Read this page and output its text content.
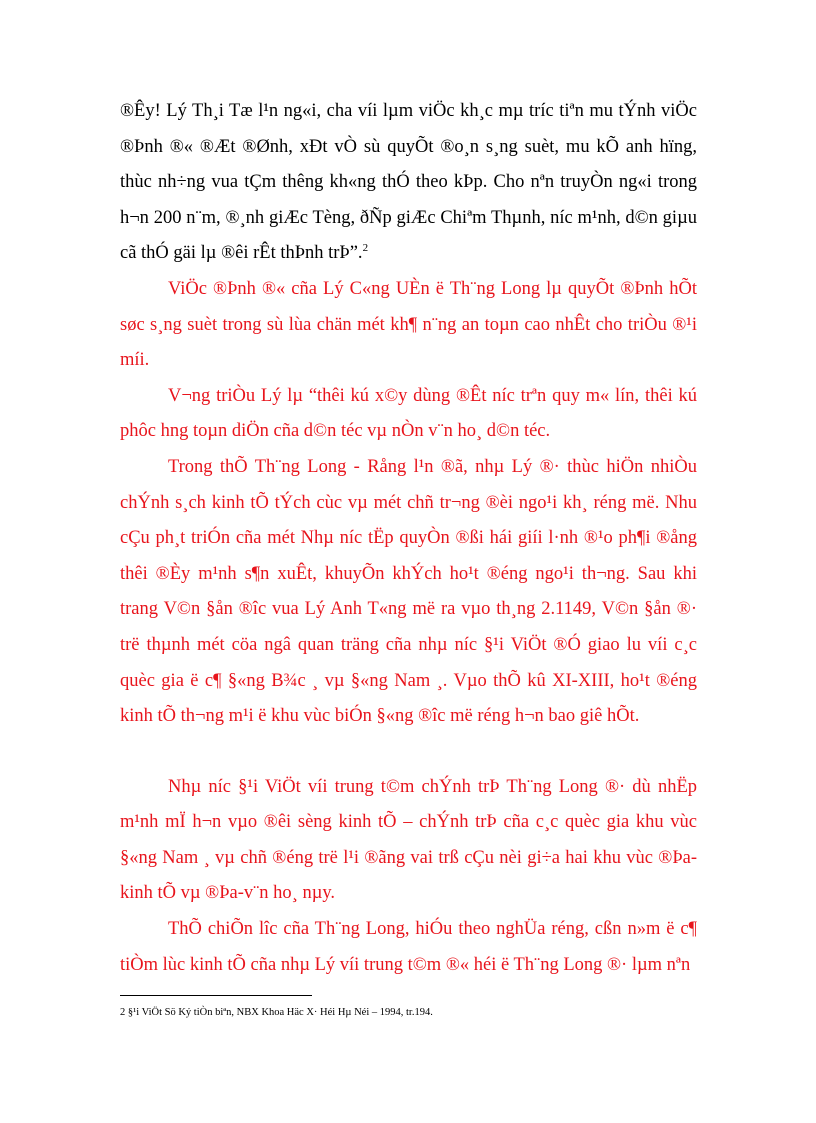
®Êy! Lý Th¸i Tæ l¹n ng«i, cha víi lµm viÖc kh¸c mµ tríc tiªn mu tÝnh viÖc ®Þnh ®« ®Æt ®Ønh, xÐt vÒ sù quyÕt ®o¸n s¸ng suèt, mu kÕ anh hïng, thùc nh÷ng vua tÇm thêng kh«ng thÓ theo kÞp. Cho nªn truyÒn ng«i trong h¬n 200 n¨m, ®¸nh giÆc Tèng, ðÑp giÆc Chiªm Thµnh, níc m¹nh, d©n giµu cã thÓ gäi lµ ®êi rÊt thÞnh trÞ”.$^2$

ViÖc ®Þnh ®« cña Lý C«ng UÈn ë Th¨ng Long lµ quyÕt ®Þnh hÕt søc s¸ng suèt trong sù lùa chän mét kh¶ n¨ng an toµn cao nhÊt cho triÒu ®¹i míi.

V¬ng triÒu Lý lµ “thêi kú x©y dùng ®Êt níc trªn quy m« lín, thêi kú phôc hng toµn diÖn cña d©n téc vµ nÒn v¨n ho¸ d©n téc.

Trong thÕ Th¨ng Long - Rång l¹n ®ã, nhµ Lý ®· thùc hiÖn nhiÒu chÝnh s¸ch kinh tÕ tÝch cùc vµ mét chñ tr¬ng ®èi ngo¹i kh¸ réng më. Nhu cÇu ph¸t triÓn cña mét Nhµ níc tËp quyÒn ®ßi hái giíi l·nh ®¹o ph¶i ®ång thêi ®Èy m¹nh s¶n xuÊt, khuyÕn khÝch ho¹t ®éng ngo¹i th¬ng. Sau khi trang V©n §ån ®îc vua Lý Anh T«ng më ra vµo th¸ng 2.1149, V©n §ån ®· trë thµnh mét cöa ngâ quan träng cña nhµ níc §¹i ViÖt ®Ó giao lu víi c¸c quèc gia ë c¶ §«ng B¾c ¸ vµ §«ng Nam ¸. Vµo thÕ kû XI-XIII, ho¹t ®éng kinh tÕ th¬ng m¹i ë khu vùc biÓn §«ng ®îc më réng h¬n bao giê hÕt.

Nhµ níc §¹i ViÖt víi trung t©m chÝnh trÞ Th¨ng Long ®· dù nhËp m¹nh mÏ h¬n vµo ®êi sèng kinh tÕ – chÝnh trÞ cña c¸c quèc gia khu vùc §«ng Nam ¸ vµ chñ ®éng trë l¹i ®ãng vai trß cÇu nèi gi÷a hai khu vùc ®Þa-kinh tÕ vµ ®Þa-v¨n ho¸ nµy.

ThÕ chiÕn lîc cña Th¨ng Long, hiÓu theo nghÜa réng, cßn n»m ë c¶ tiÒm lùc kinh tÕ cña nhµ Lý víi trung t©m ®« héi ë Th¨ng Long ®· lµm nªn

2 §¹i ViÖt Sö Ký tiÒn biªn, NBX Khoa Häc X· Héi Hµ Néi – 1994, tr.194.
